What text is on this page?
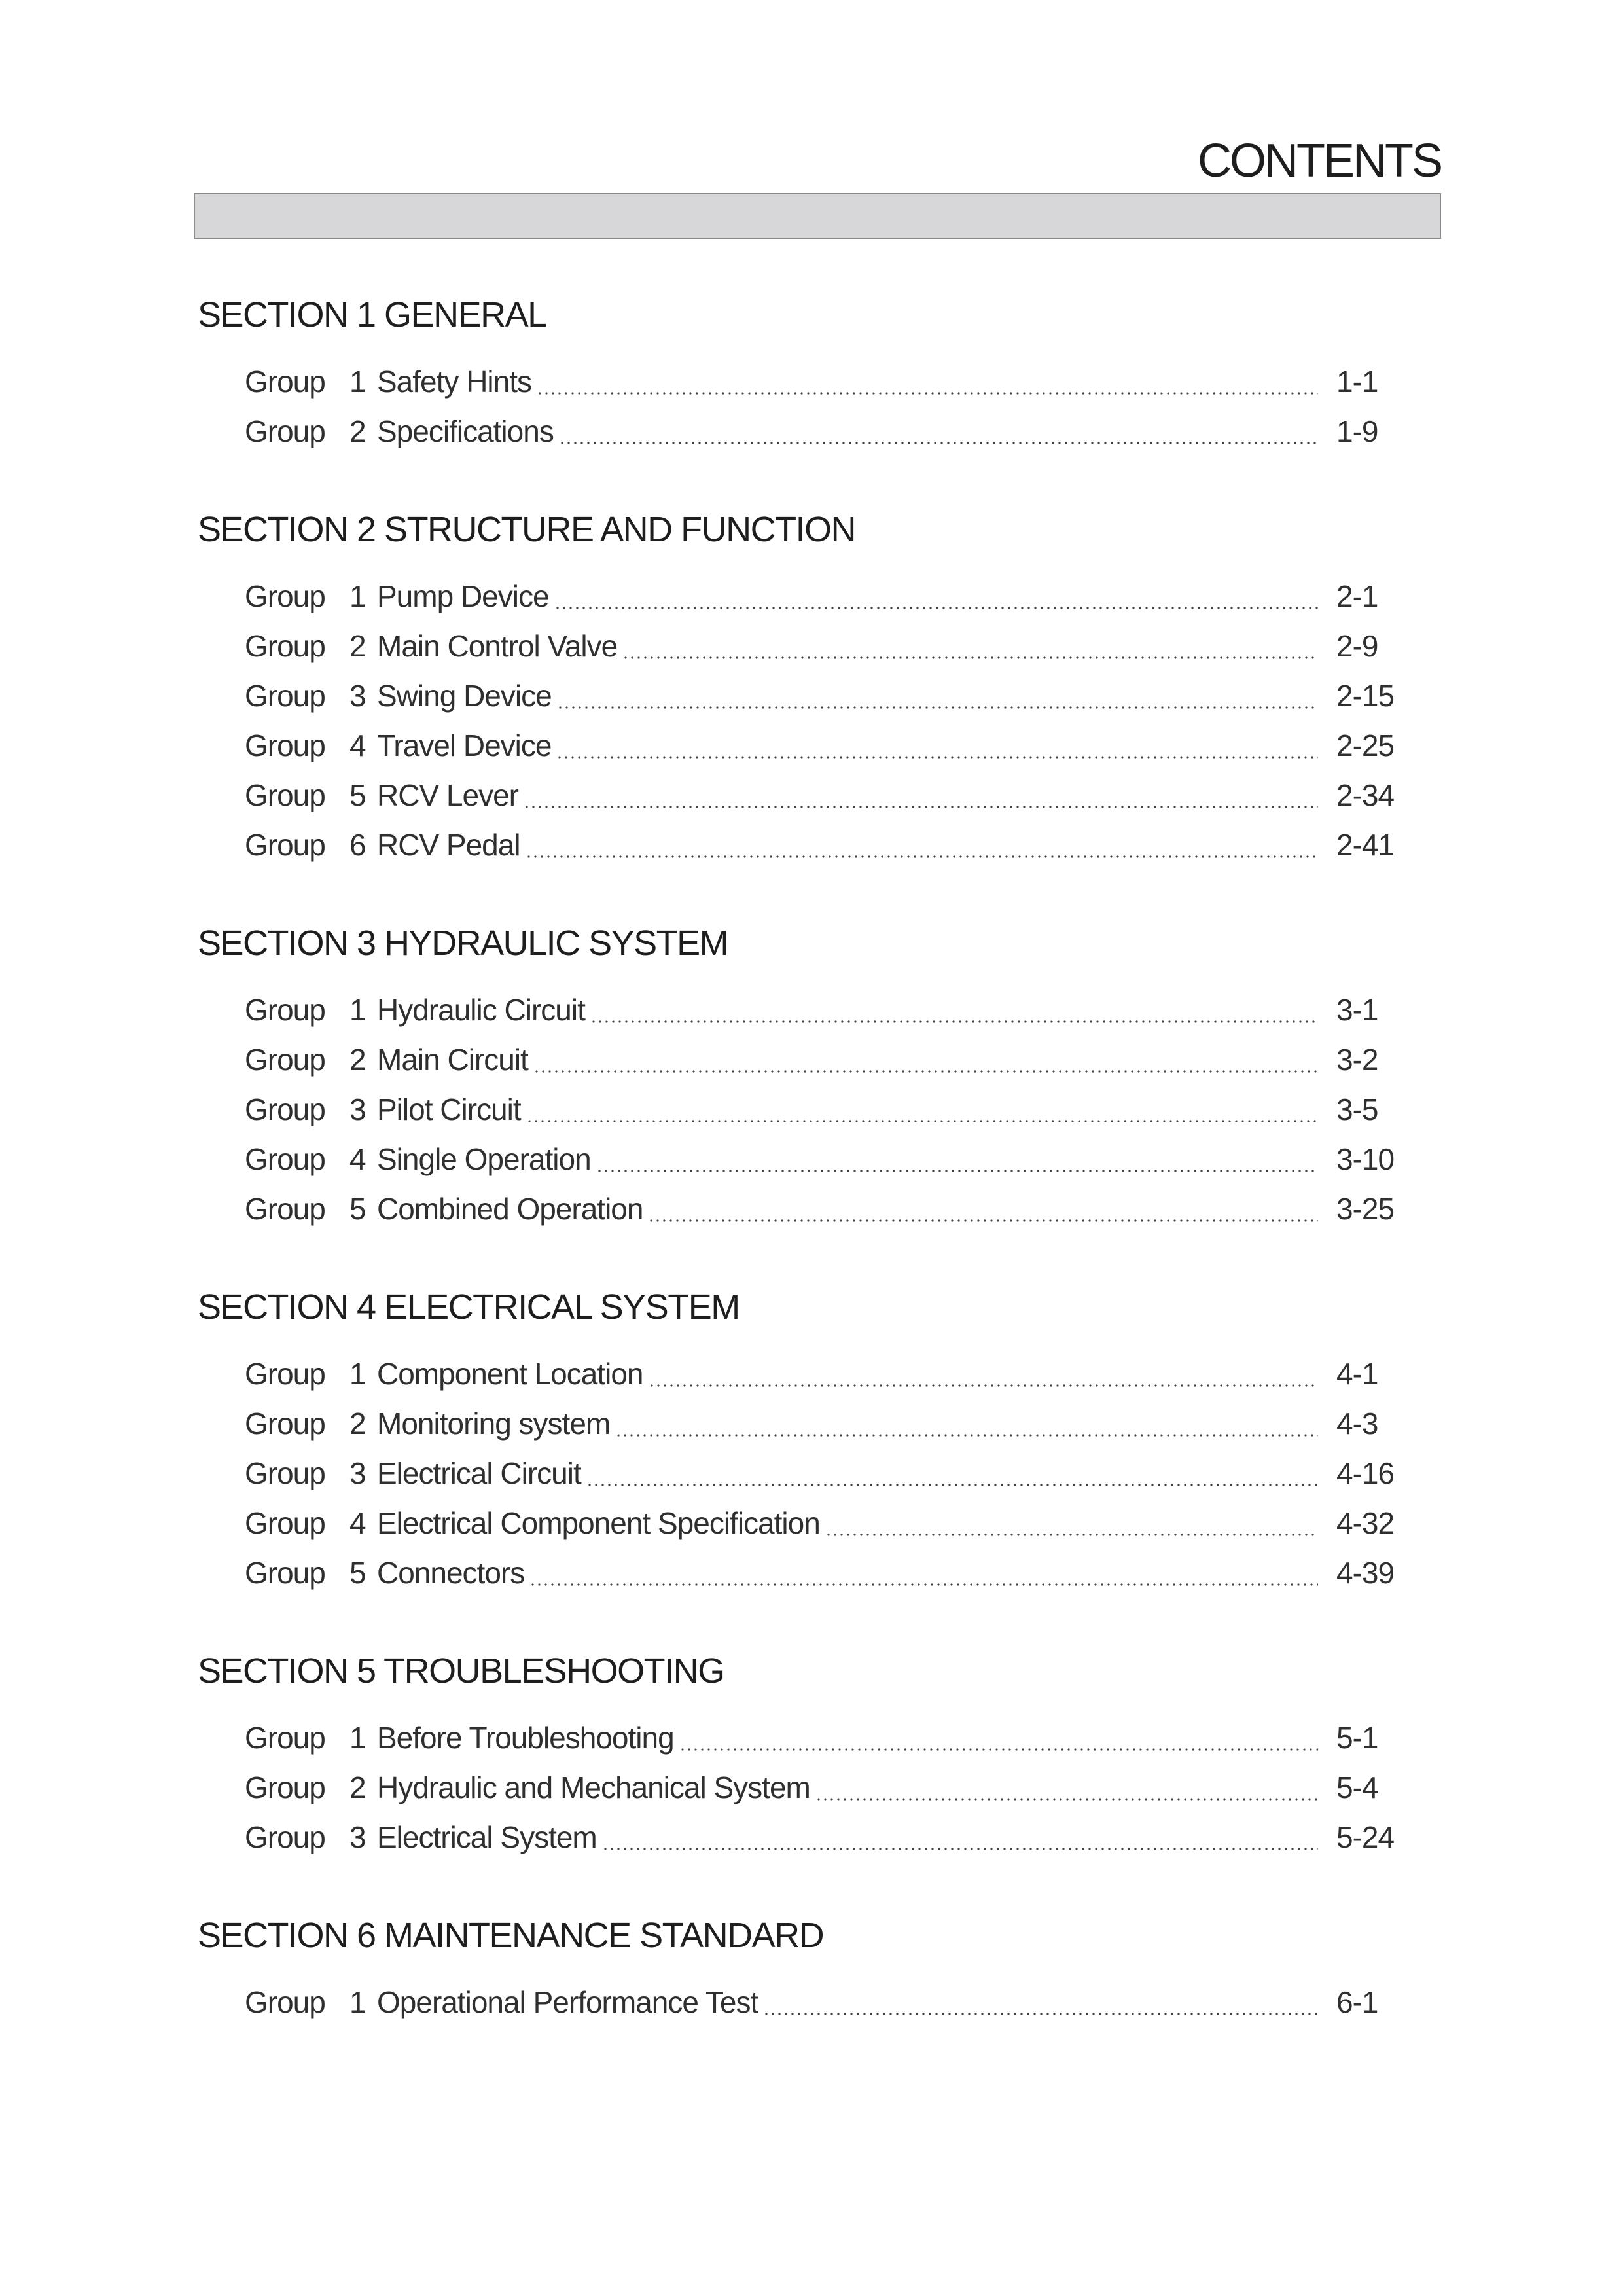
CONTENTS
SECTION 1 GENERAL
Group 1 Safety Hints	1-1
Group 2 Specifications	1-9
SECTION 2 STRUCTURE AND FUNCTION
Group 1 Pump Device	2-1
Group 2 Main Control Valve	2-9
Group 3 Swing Device	2-15
Group 4 Travel Device	2-25
Group 5 RCV Lever	2-34
Group 6 RCV Pedal	2-41
SECTION 3 HYDRAULIC SYSTEM
Group 1 Hydraulic Circuit	3-1
Group 2 Main Circuit	3-2
Group 3 Pilot Circuit	3-5
Group 4 Single Operation	3-10
Group 5 Combined Operation	3-25
SECTION 4 ELECTRICAL SYSTEM
Group 1 Component Location	4-1
Group 2 Monitoring system	4-3
Group 3 Electrical Circuit	4-16
Group 4 Electrical Component Specification	4-32
Group 5 Connectors	4-39
SECTION 5 TROUBLESHOOTING
Group 1 Before Troubleshooting	5-1
Group 2 Hydraulic and Mechanical System	5-4
Group 3 Electrical System	5-24
SECTION 6 MAINTENANCE STANDARD
Group 1 Operational Performance Test	6-1
